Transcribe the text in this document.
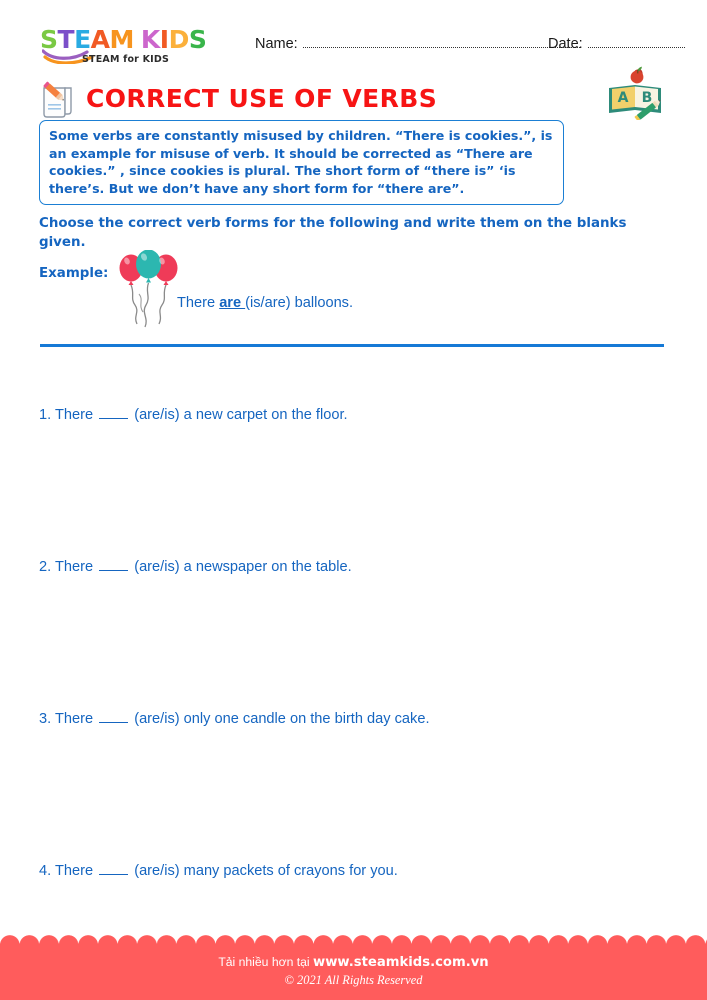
STEAM KIDS
STEAM for KIDS
Name:	Date:
CORRECT USE OF VERBS	A B

Some verbs are constantly misused by children. “There is cookies.”, is an example for misuse of verb. It should be corrected as “There are cookies.” , since cookies is plural. The short form of “there is” ‘is there’s. But we don’t have any short form for “there are”.

Choose the correct verb forms for the following and write them on the blanks given.

Example:
There are (is/are) balloons.
1. There  (are/is) a new carpet on the floor.
2. There  (are/is) a newspaper on the table.
3. There  (are/is) only one candle on the birth day cake.
4. There  (are/is) many packets of crayons for you.
Tải nhiều hơn tại www.steamkids.com.vn
© 2021 All Rights Reserved
